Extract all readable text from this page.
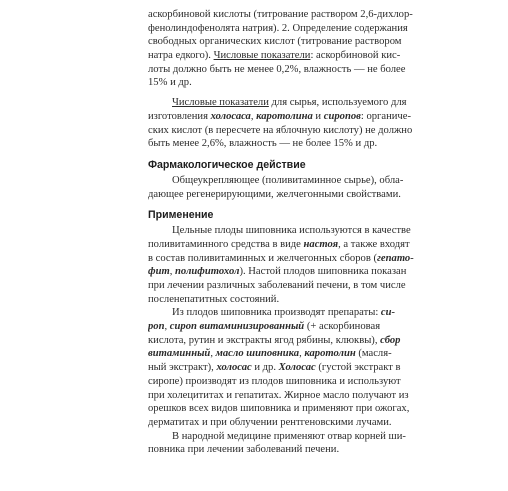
аскорбиновой кислоты (титрование раствором 2,6-дихлор-
фенолиндофенолята натрия). 2. Определение содержания
свободных органических кислот (титрование раствором
натра едкого). Числовые показатели: аскорбиновой кис-
лоты должно быть не менее 0,2%, влажность — не более
15% и др.
Числовые показатели для сырья, используемого для
изготовления холосаса, каротолина и сиропов: органиче-
ских кислот (в пересчете на яблочную кислоту) не должно
быть менее 2,6%, влажность — не более 15% и др.
Фармакологическое действие
Общеукрепляющее (поливитаминное сырье), обла-
дающее регенерирующими, желчегонными свойствами.
Применение
Цельные плоды шиповника используются в качестве
поливитаминного средства в виде настоя, а также входят
в состав поливитаминных и желчегонных сборов (гепато-
фит, полифитохол). Настой плодов шиповника показан
при лечении различных заболеваний печени, в том числе
посленепатитных состояний.
Из плодов шиповника производят препараты: си-
роп, сироп витаминизированный (+ аскорбиновая
кислота, рутин и экстракты ягод рябины, клюквы), сбор
витаминный, масло шиповника, каротолин (масля-
ный экстракт), холосас и др. Холосас (густой экстракт в
сиропе) производят из плодов шиповника и используют
при холецититах и гепатитах. Жирное масло получают из
орешков всех видов шиповника и применяют при ожогах,
дерматитах и при облучении рентгеновскими лучами.
В народной медицине применяют отвар корней ши-
повника при лечении заболеваний печени.
